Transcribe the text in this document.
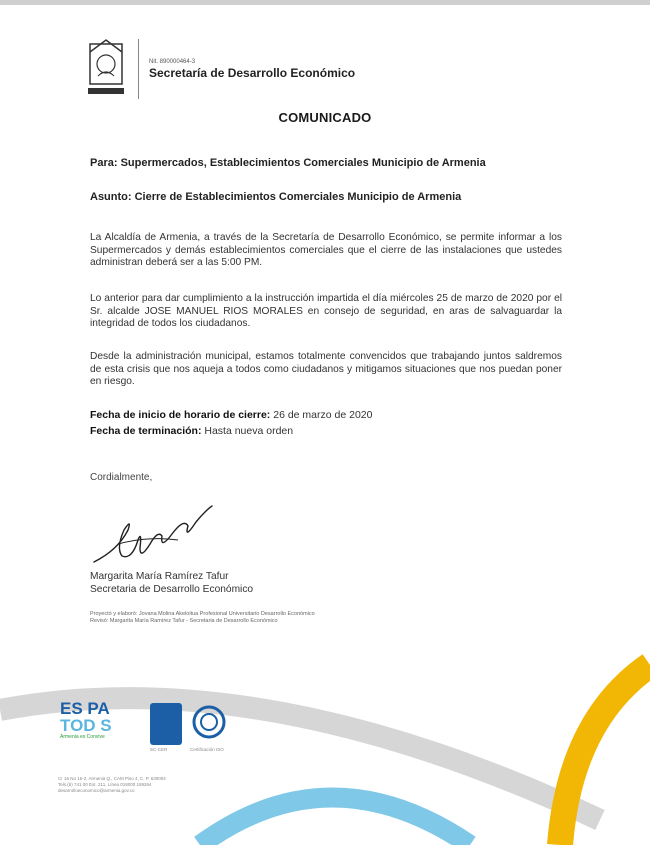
Nit. 890000464-3
Secretaría de Desarrollo Económico
COMUNICADO
Para: Supermercados, Establecimientos Comerciales Municipio de Armenia
Asunto: Cierre de Establecimientos Comerciales Municipio de Armenia
La Alcaldía de Armenia, a través de la Secretaría de Desarrollo Económico, se permite informar a los Supermercados y demás establecimientos comerciales que el cierre de las instalaciones que ustedes administran deberá ser a las 5:00 PM.
Lo anterior para dar cumplimiento a la instrucción impartida el día miércoles 25 de marzo de 2020 por el Sr. alcalde JOSE MANUEL RIOS MORALES en consejo de seguridad, en aras de salvaguardar la integridad de todos los ciudadanos.
Desde la administración municipal, estamos totalmente convencidos que trabajando juntos saldremos de esta crisis que nos aqueja a todos como ciudadanos y mitigamos situaciones que nos puedan poner en riesgo.
Fecha de inicio de horario de cierre: 26 de marzo de 2020
Fecha de terminación: Hasta nueva orden
Cordialmente,
Margarita María Ramírez Tafur
Secretaria de Desarrollo Económico
Proyectó y elaboró: Jovana Molina Akeloitua Profesional Universitario Desarrollo Económico
Revisó: Margarita María Ramírez Tafur - Secretaria de Desarrollo Económico
ES PA
TOD S
Armenia es Convive
SC-CER	Certificación ISO
Cr 16 No 15-2, Armenia Q., CAM Piso 4, C. P. 630004
Tels.(6) 741 00 Ext. 211, Línea 018000 189264
desarrolloeconomico@armenia.gov.co
